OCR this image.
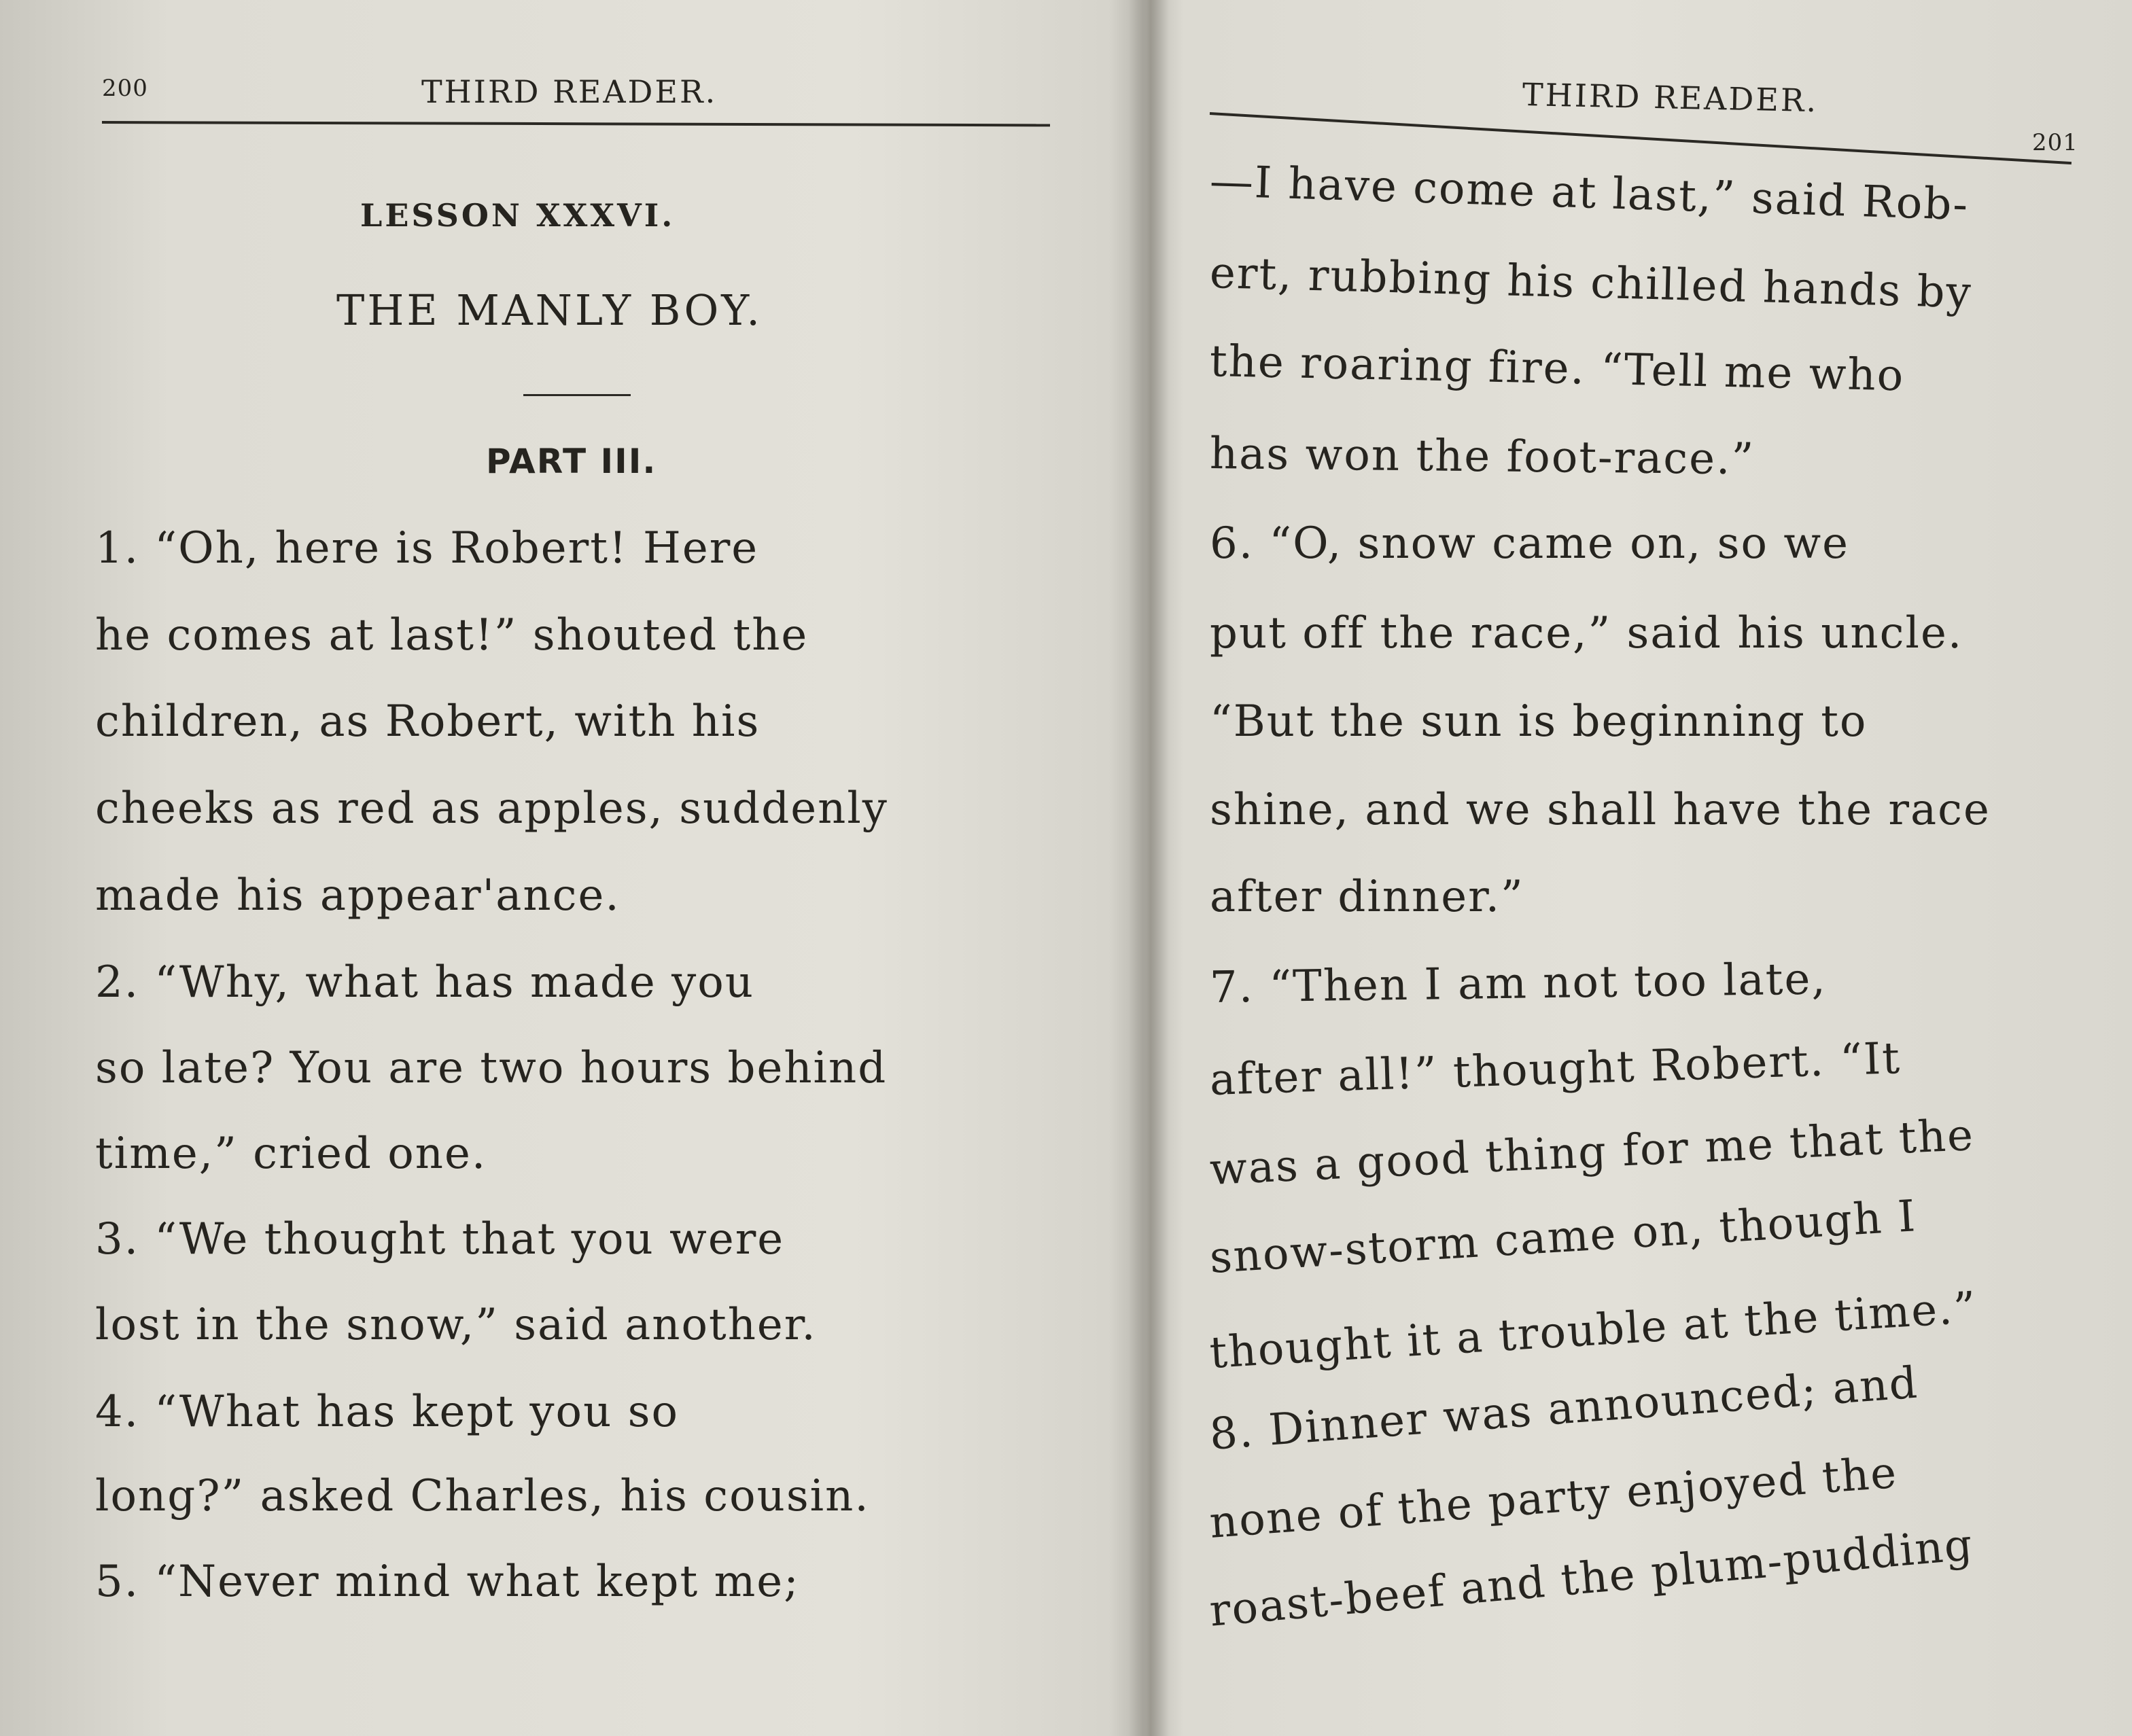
200	THIRD READER.
LESSON XXXVI.
THE MANLY BOY.
PART III.
1. “Oh, here is Robert! Here
he comes at last!” shouted the
children, as Robert, with his
cheeks as red as apples, suddenly
made his appear'ance.
2. “Why, what has made you
so late? You are two hours behind
time,” cried one.
3. “We thought that you were
lost in the snow,” said another.
4. “What has kept you so
long?” asked Charles, his cousin.
5. “Never mind what kept me;
THIRD READER.
201
—I have come at last,” said Rob-
ert, rubbing his chilled hands by
the roaring fire. “Tell me who
has won the foot-race.”
6. “O, snow came on, so we
put off the race,” said his uncle.
“But the sun is beginning to
shine, and we shall have the race
after dinner.”
7. “Then I am not too late,
after all!” thought Robert. “It
was a good thing for me that the
snow-storm came on, though I
thought it a trouble at the time.”
8. Dinner was announced; and
none of the party enjoyed the
roast-beef and the plum-pudding
